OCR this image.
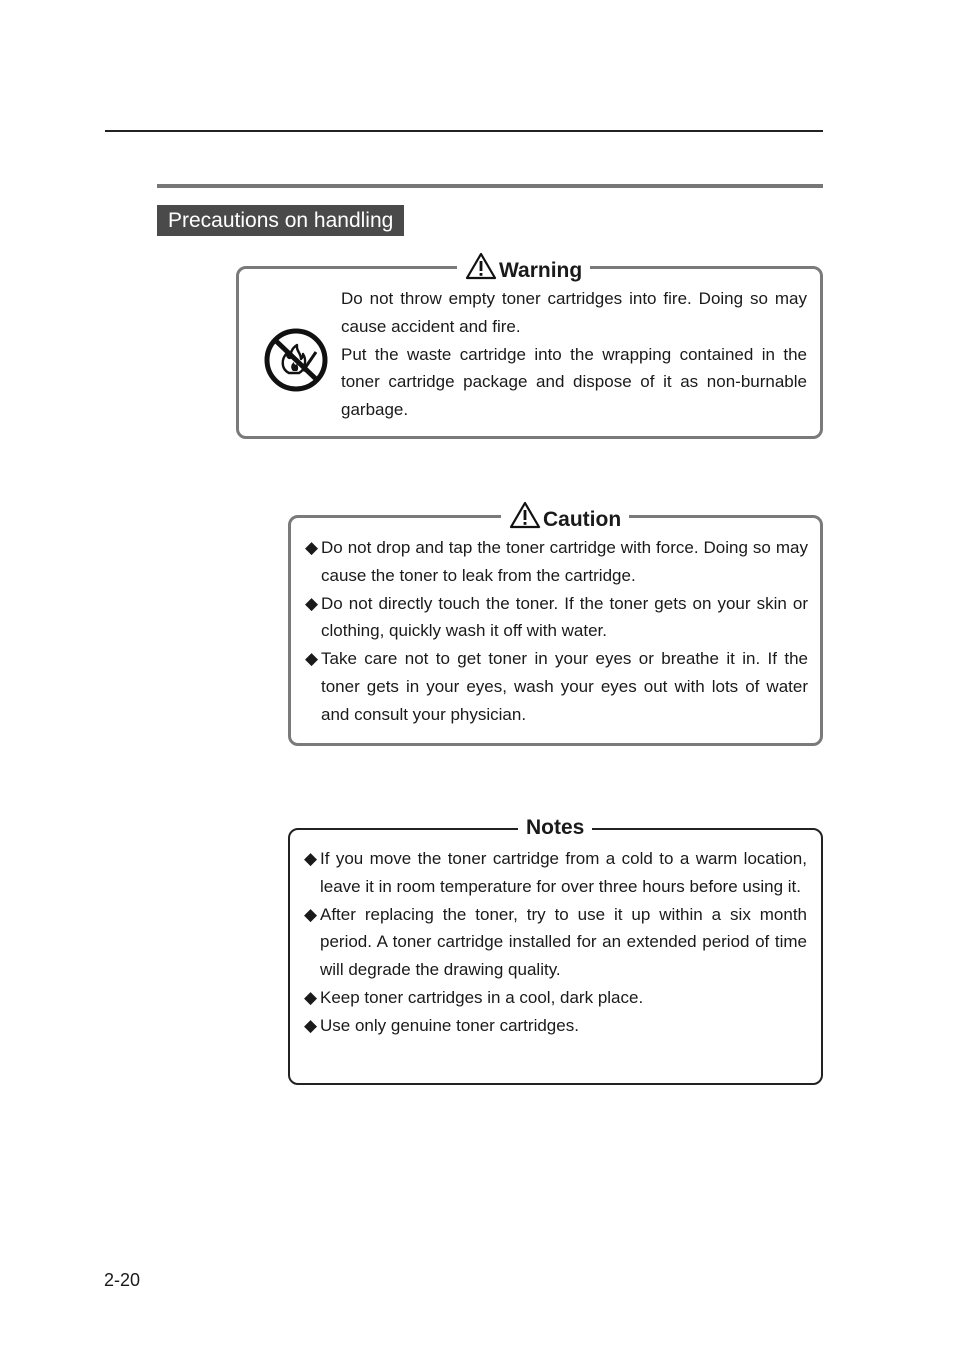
Precautions on handling
Warning

Do not throw empty toner cartridges into fire. Doing so may cause accident and fire.

Put the waste cartridge into the wrapping contained in the toner cartridge package and dispose of it as non-burnable garbage.

Caution
◆ Do not drop and tap the toner cartridge with force. Doing so may cause the toner to leak from the cartridge.
◆ Do not directly touch the toner. If the toner gets on your skin or clothing, quickly wash it off with water.
◆ Take care not to get toner in your eyes or breathe it in. If the toner gets in your eyes, wash your eyes out with lots of water and consult your physician.
Notes
◆ If you move the toner cartridge from a cold to a warm location, leave it in room temperature for over three hours before using it.
◆ After replacing the toner, try to use it up within a six month period. A toner cartridge installed for an extended period of time will degrade the drawing quality.
◆ Keep toner cartridges in a cool, dark place.
◆ Use only genuine toner cartridges.
2-20
